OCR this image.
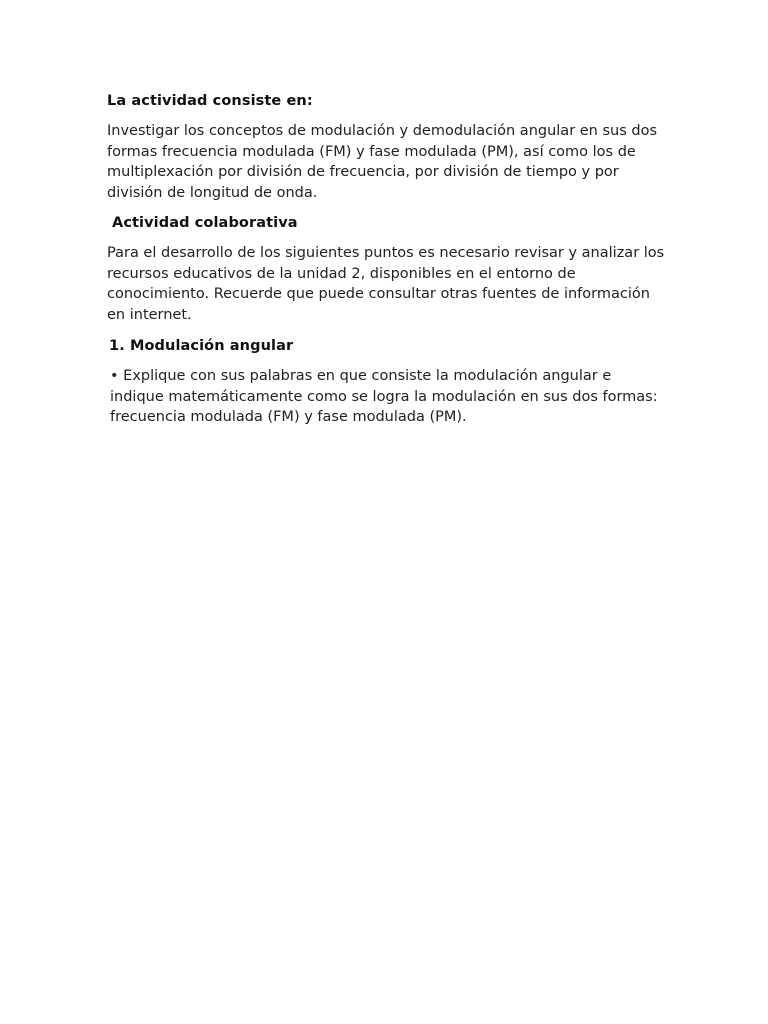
La actividad consiste en:

Investigar los conceptos de modulación y demodulación angular en sus dos formas frecuencia modulada (FM) y fase modulada (PM), así como los de multiplexación por división de frecuencia, por división de tiempo y por división de longitud de onda.

Actividad colaborativa

Para el desarrollo de los siguientes puntos es necesario revisar y analizar los recursos educativos de la unidad 2, disponibles en el entorno de conocimiento. Recuerde que puede consultar otras fuentes de información en internet.

1. Modulación angular

• Explique con sus palabras en que consiste la modulación angular e indique matemáticamente como se logra la modulación en sus dos formas: frecuencia modulada (FM) y fase modulada (PM).
